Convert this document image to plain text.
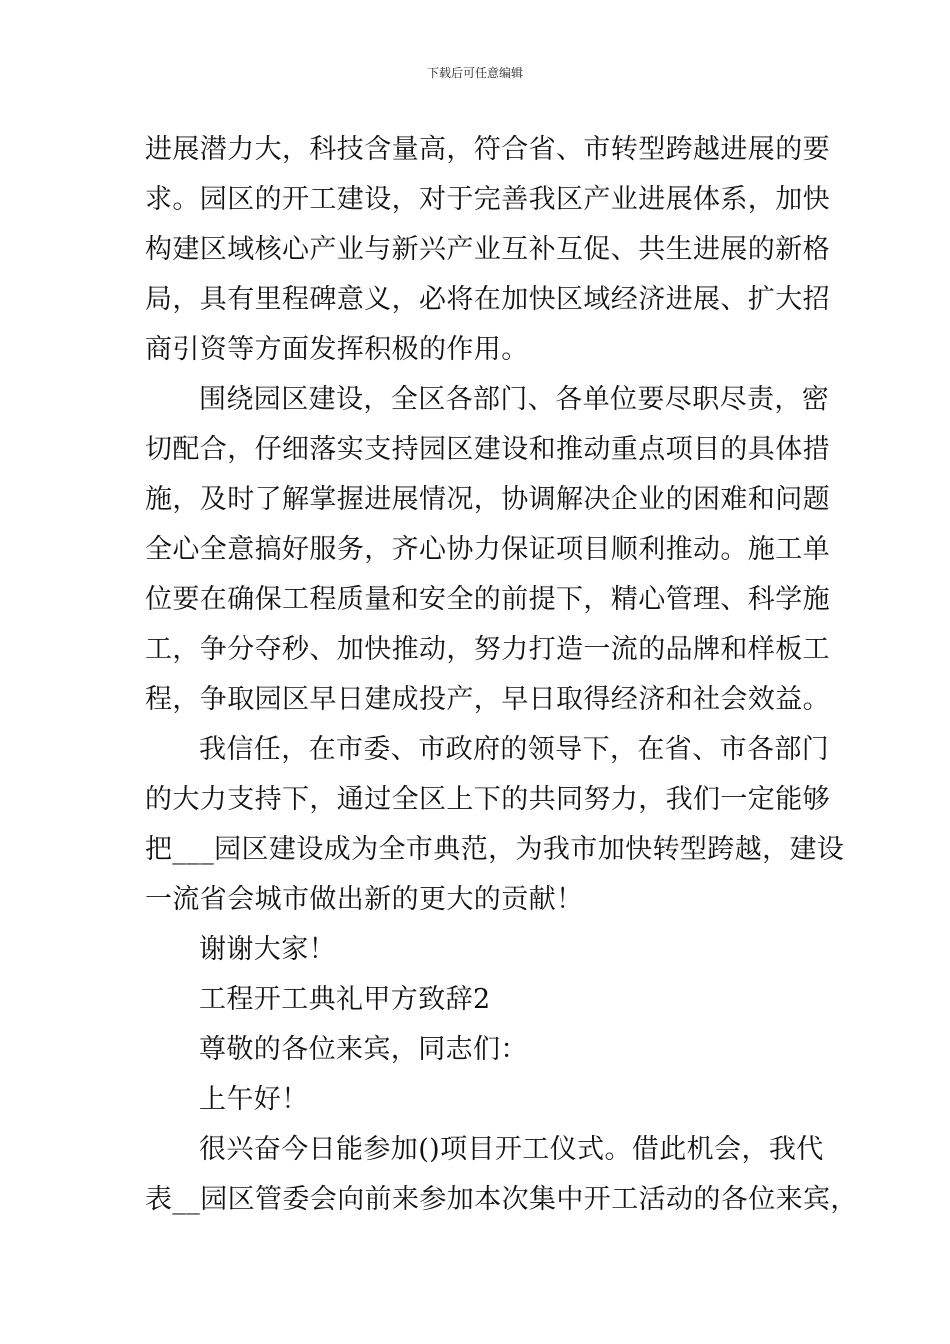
下载后可任意编辑
进展潜力大，科技含量高，符合省、市转型跨越进展的要
求。园区的开工建设，对于完善我区产业进展体系，加快
构建区域核心产业与新兴产业互补互促、共生进展的新格
局，具有里程碑意义，必将在加快区域经济进展、扩大招
商引资等方面发挥积极的作用。
围绕园区建设，全区各部门、各单位要尽职尽责，密
切配合，仔细落实支持园区建设和推动重点项目的具体措
施，及时了解掌握进展情况，协调解决企业的困难和问题
全心全意搞好服务，齐心协力保证项目顺利推动。施工单
位要在确保工程质量和安全的前提下，精心管理、科学施
工，争分夺秒、加快推动，努力打造一流的品牌和样板工
程，争取园区早日建成投产，早日取得经济和社会效益。
我信任，在市委、市政府的领导下，在省、市各部门
的大力支持下，通过全区上下的共同努力，我们一定能够
把___园区建设成为全市典范，为我市加快转型跨越，建设
一流省会城市做出新的更大的贡献！
谢谢大家！
工程开工典礼甲方致辞2
尊敬的各位来宾，同志们：
上午好！
很兴奋今日能参加()项目开工仪式。借此机会，我代
表__园区管委会向前来参加本次集中开工活动的各位来宾，
